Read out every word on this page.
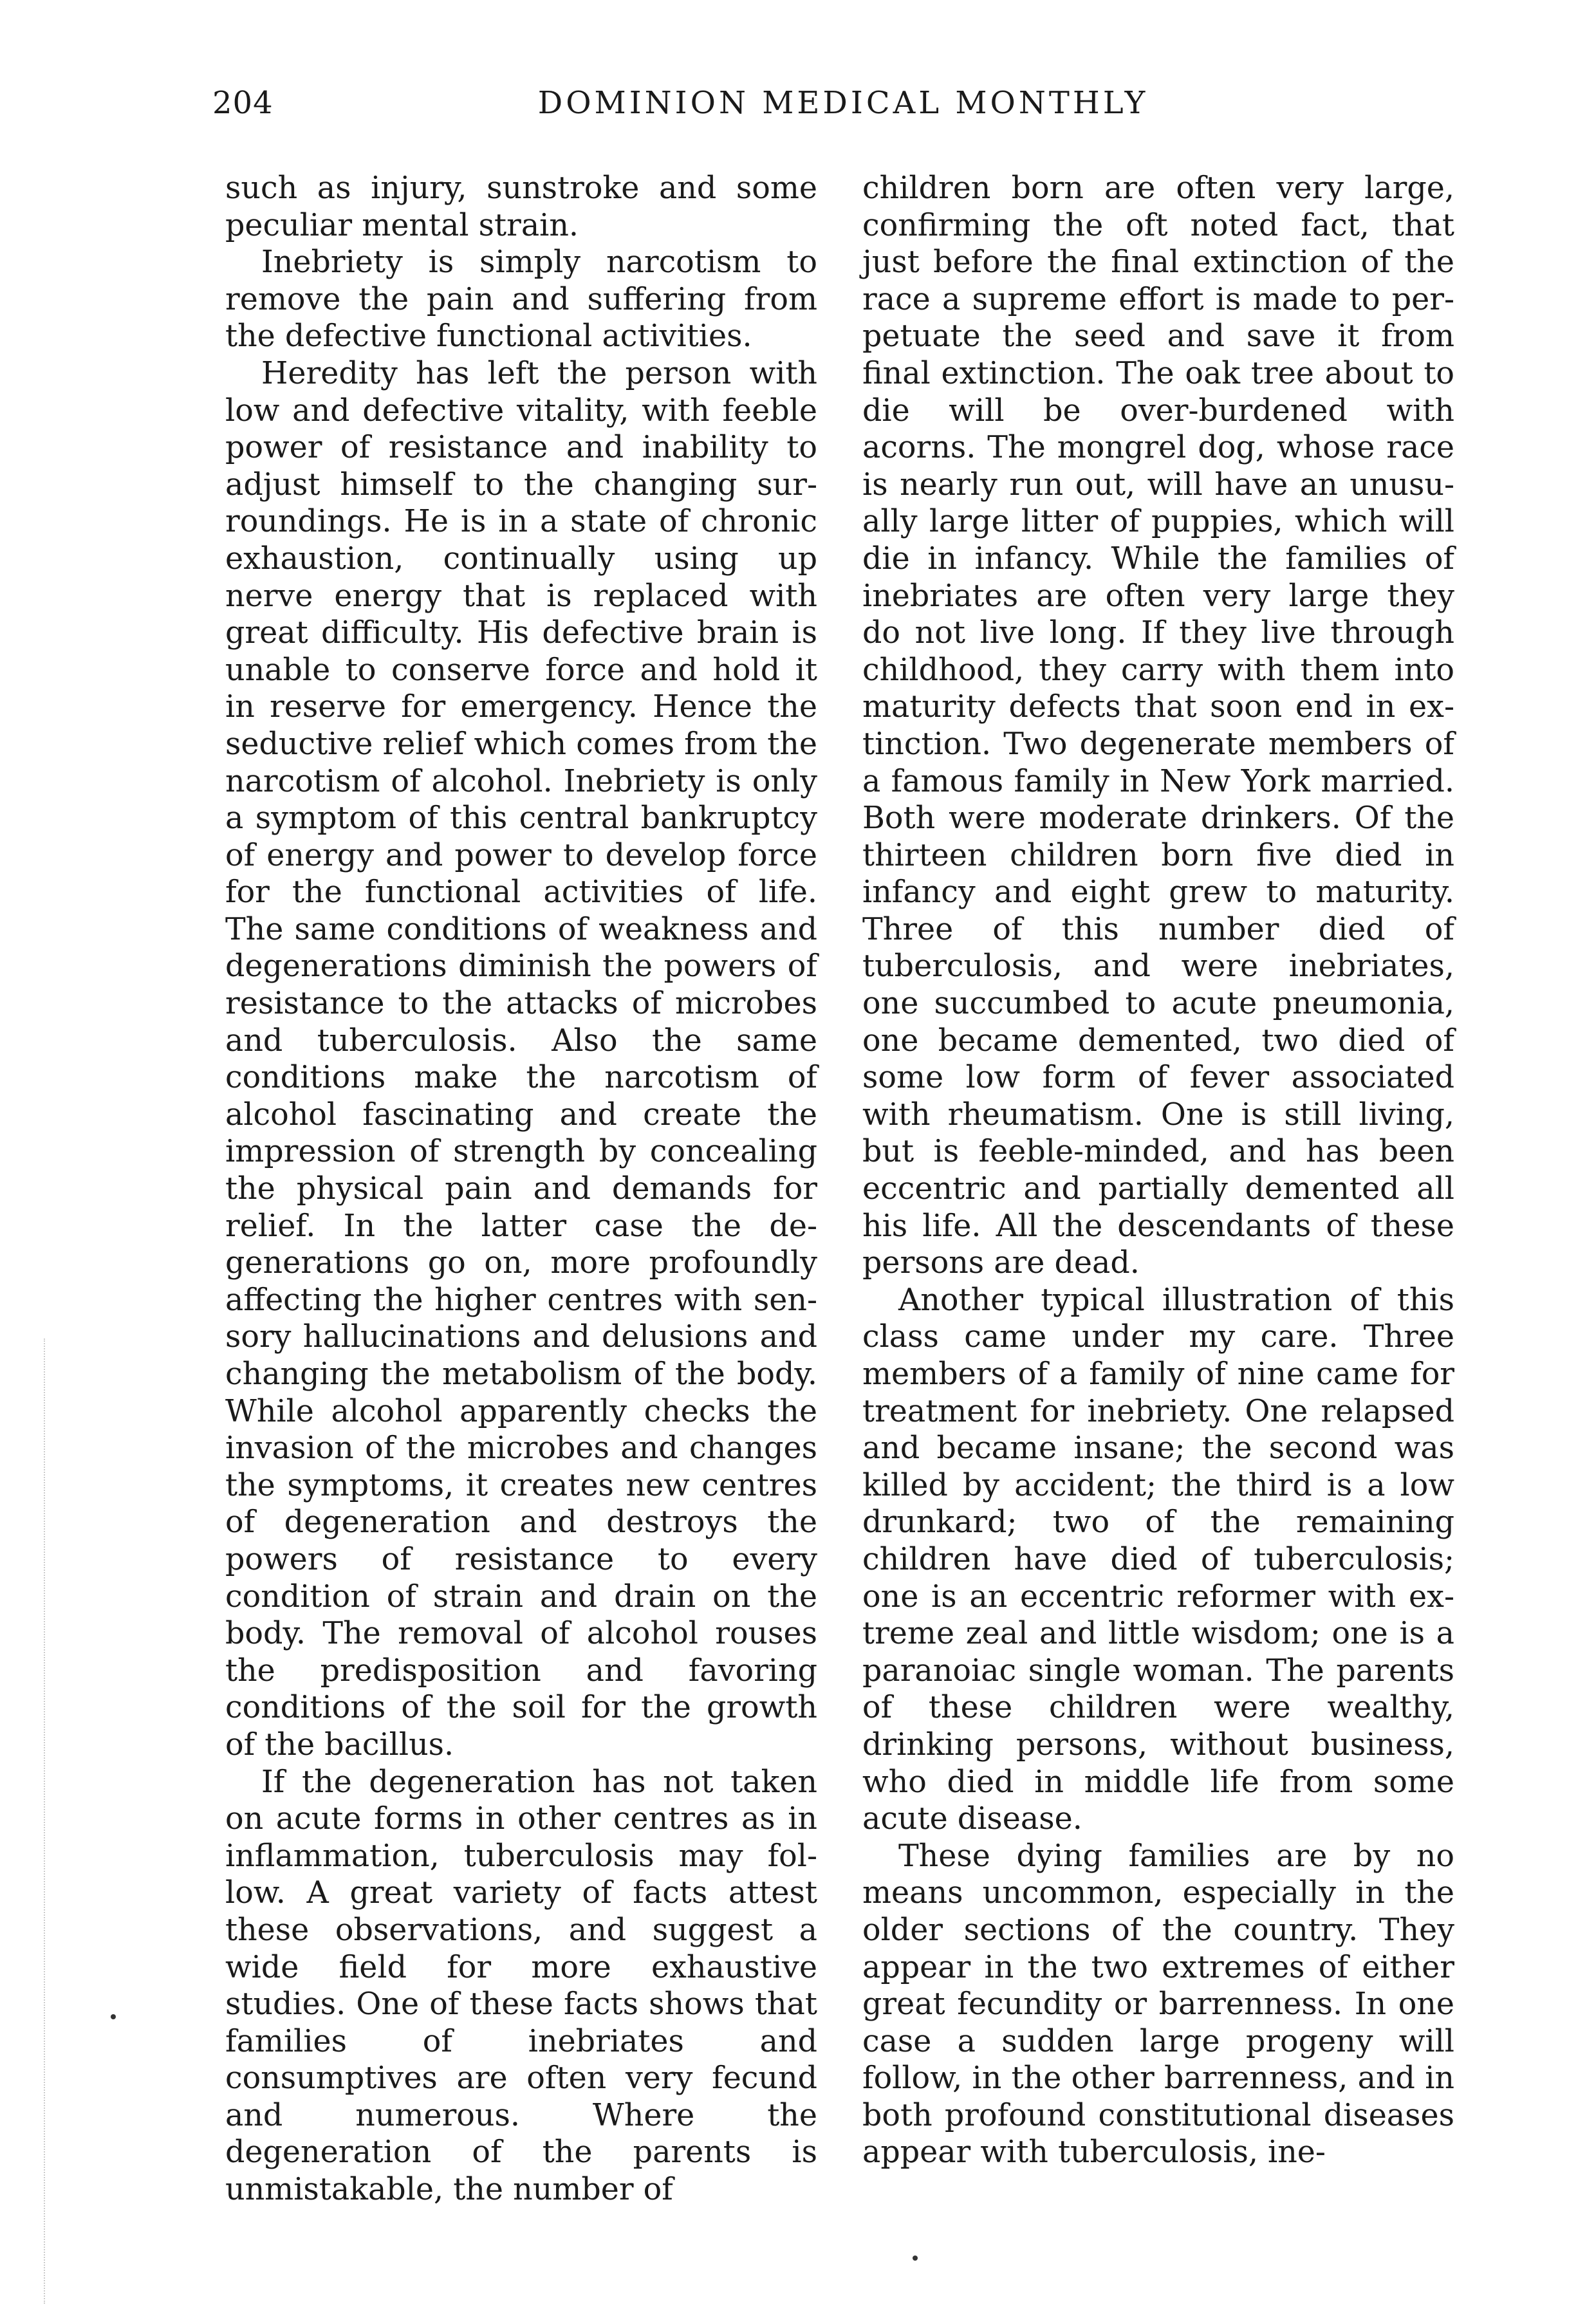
204	DOMINION MEDICAL MONTHLY

such as injury, sunstroke and some peculiar mental strain.

Inebriety is simply narcotism to remove the pain and suffering from the defective functional activities.

Heredity has left the person with low and defective vitality, with feeble power of resistance and inability to adjust himself to the changing surroundings. He is in a state of chronic exhaustion, continually using up nerve energy that is replaced with great difficulty. His defective brain is unable to conserve force and hold it in reserve for emergency. Hence the seductive relief which comes from the narcotism of alcohol. Inebriety is only a symptom of this central bankruptcy of energy and power to develop force for the functional activities of life. The same conditions of weakness and degenerations diminish the powers of resistance to the attacks of microbes and tuberculosis. Also the same conditions make the narcotism of alcohol fascinating and create the impression of strength by concealing the physical pain and demands for relief. In the latter case the degenerations go on, more profoundly affecting the higher centres with sensory hallucinations and delusions and changing the metabolism of the body. While alcohol apparently checks the invasion of the microbes and changes the symptoms, it creates new centres of degeneration and destroys the powers of resistance to every condition of strain and drain on the body. The removal of alcohol rouses the predisposition and favoring conditions of the soil for the growth of the bacillus.

If the degeneration has not taken on acute forms in other centres as in inflammation, tuberculosis may follow. A great variety of facts attest these observations, and suggest a wide field for more exhaustive studies. One of these facts shows that families of inebriates and consumptives are often very fecund and numerous. Where the degeneration of the parents is unmistakable, the number of

children born are often very large, confirming the oft noted fact, that just before the final extinction of the race a supreme effort is made to perpetuate the seed and save it from final extinction. The oak tree about to die will be over-burdened with acorns. The mongrel dog, whose race is nearly run out, will have an unusually large litter of puppies, which will die in infancy. While the families of inebriates are often very large they do not live long. If they live through childhood, they carry with them into maturity defects that soon end in extinction. Two degenerate members of a famous family in New York married. Both were moderate drinkers. Of the thirteen children born five died in infancy and eight grew to maturity. Three of this number died of tuberculosis, and were inebriates, one succumbed to acute pneumonia, one became demented, two died of some low form of fever associated with rheumatism. One is still living, but is feeble-minded, and has been eccentric and partially demented all his life. All the descendants of these persons are dead.

Another typical illustration of this class came under my care. Three members of a family of nine came for treatment for inebriety. One relapsed and became insane; the second was killed by accident; the third is a low drunkard; two of the remaining children have died of tuberculosis; one is an eccentric reformer with extreme zeal and little wisdom; one is a paranoiac single woman. The parents of these children were wealthy, drinking persons, without business, who died in middle life from some acute disease.

These dying families are by no means uncommon, especially in the older sections of the country. They appear in the two extremes of either great fecundity or barrenness. In one case a sudden large progeny will follow, in the other barrenness, and in both profound constitutional diseases appear with tuberculosis, ine-
